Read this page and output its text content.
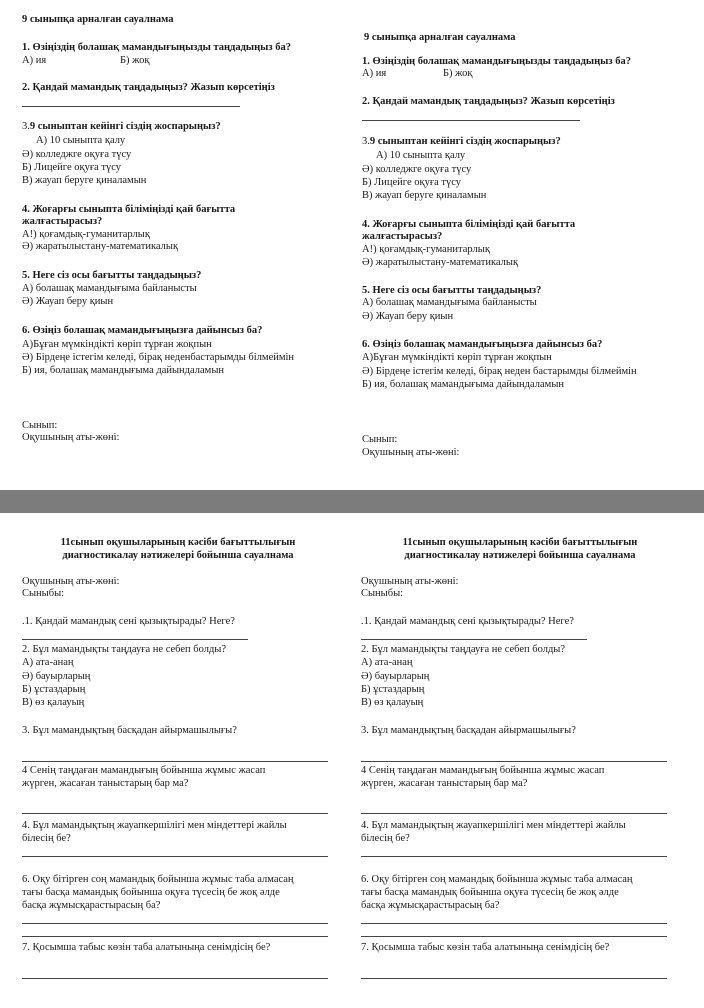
9 сыныпқа арналған сауалнама
1. Өзіңіздің болашақ мамандығыңызды таңдадыңыз ба?
А) ия	Б) жоқ
2. Қандай мамандық таңдадыңыз? Жазып көрсетіңіз
3.9 сыныптан кейінгі сіздің жоспарыңыз?
А) 10 сыныпта қалу
Ә) колледжге оқуға түсу
Б) Лицейге оқуға түсу
В) жауап беруге қиналамын
4. Жоғарғы сыныпта біліміңізді қай бағытта
жалғастырасыз?
А!) қоғамдық-гуманитарлық
Ә) жаратылыстану-математикалық
5. Неге сіз осы бағытты таңдадыңыз?
А) болашақ мамандығыма байланысты
Ә) Жауап беру қиын
6. Өзіңіз болашақ мамандығыңызға дайынсыз ба?
А)Бұған мүмкіндікті көріп тұрған жоқпын
Ә) Бірдеңе істегім келеді, бірақ неденбастарымды білмеймін
Б) ия, болашақ мамандығыма дайындаламын
Сынып:
Оқушының аты-жөні:
9 сыныпқа арналған сауалнама
1. Өзіңіздің болашақ мамандығыңызды таңдадыңыз ба?
А) ия	Б) жоқ
2. Қандай мамандық таңдадыңыз? Жазып көрсетіңіз
3.9 сыныптан кейінгі сіздің жоспарыңыз?
А) 10 сыныпта қалу
Ә) колледжге оқуға түсу
Б) Лицейге оқуға түсу
В) жауап беруге қиналамын
4. Жоғарғы сыныпта біліміңізді қай бағытта
жалғастырасыз?
А!) қоғамдық-гуманитарлық
Ә) жаратылыстану-математикалық
5. Неге сіз осы бағытты таңдадыңыз?
А) болашақ мамандығыма байланысты
Ә) Жауап беру қиын
6. Өзіңіз болашақ мамандығыңызға дайынсыз ба?
А)Бұған мүмкіндікті көріп тұрған жоқпын
Ә) Бірдеңе істегім келеді, бірақ неден бастарымды білмеймін
Б) ия, болашақ мамандығыма дайындаламын
Сынып:
Оқушының аты-жөні:
11сынып оқушыларының кәсіби бағыттылығын
диагностикалау нәтижелері бойынша сауалнама
Оқушының аты-жөні:
Сыныбы:
.1. Қандай мамандық сені қызықтырады? Неге?
2. Бұл мамандықты таңдауға не себеп болды?
А) ата-анаң
Ә) бауырларың
Б) ұстаздарың
В) өз қалауың
3. Бұл мамандықтың басқадан айырмашылығы?
4 Сенің таңдаған мамандығың бойынша жұмыс жасап
жүрген, жасаған таныстарың бар ма?
4. Бұл мамандықтың жауапкершілігі мен міндеттері жайлы
білесің бе?
6. Оқу бітірген соң мамандық бойынша жұмыс таба алмасаң
тағы басқа мамандық бойынша оқуға түсесің бе жоқ әлде
басқа жұмысқарастырасың ба?
7. Қосымша табыс көзін таба алатыныңа сенімдісің бе?
11сынып оқушыларының кәсіби бағыттылығын
диагностикалау нәтижелері бойынша сауалнама
Оқушының аты-жөні:
Сыныбы:
.1. Қандай мамандық сені қызықтырады? Неге?
2. Бұл мамандықты таңдауға не себеп болды?
А) ата-анаң
Ә) бауырларың
Б) ұстаздарың
В) өз қалауың
3. Бұл мамандықтың басқадан айырмашылығы?
4 Сенің таңдаған мамандығың бойынша жұмыс жасап
жүрген, жасаған таныстарың бар ма?
4. Бұл мамандықтың жауапкершілігі мен міндеттері жайлы
білесің бе?
6. Оқу бітірген соң мамандық бойынша жұмыс таба алмасаң
тағы басқа мамандық бойынша оқуға түсесің бе жоқ әлде
басқа жұмысқарастырасың ба?
7. Қосымша табыс көзін таба алатыныңа сенімдісің бе?
